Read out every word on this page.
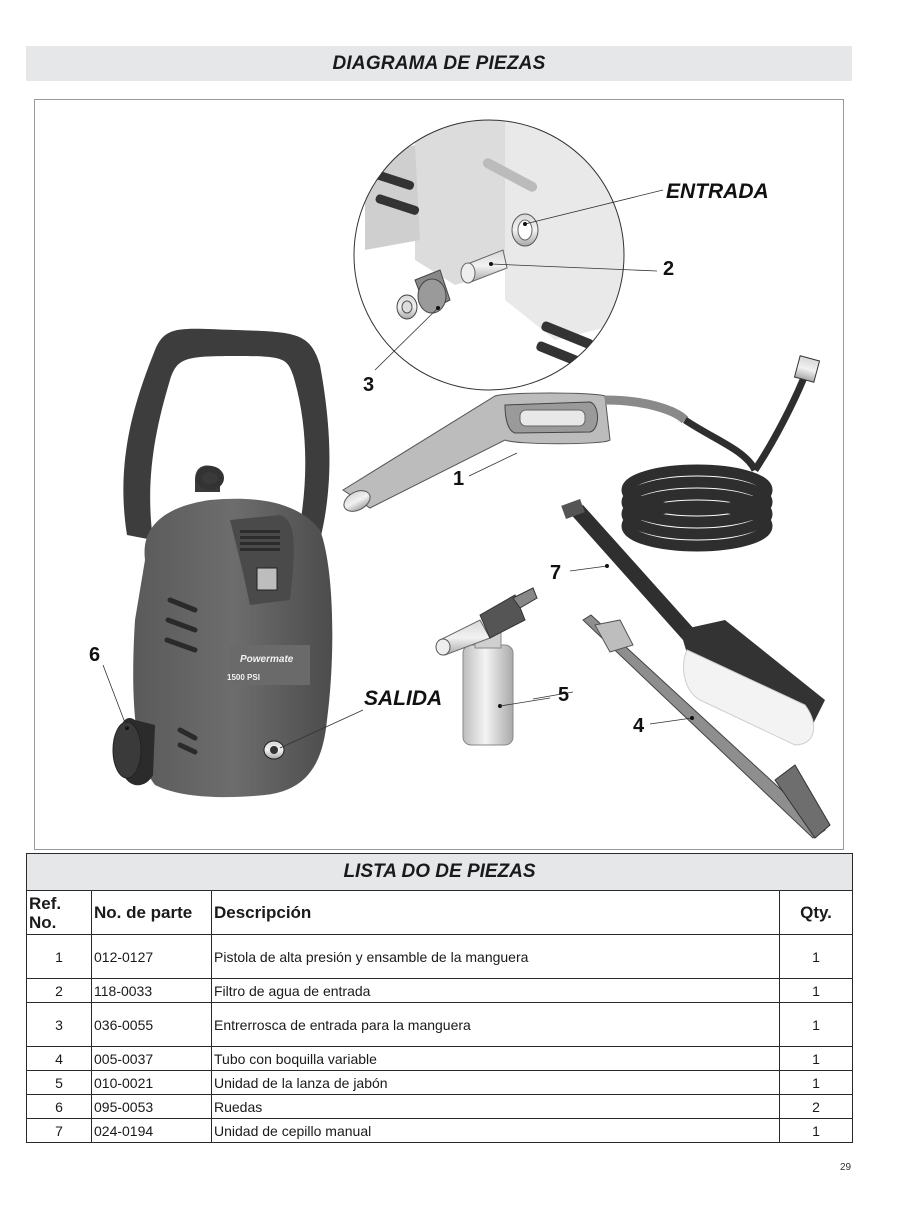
DIAGRAMA DE PIEZAS
Powermate
1500 PSI
ENTRADA
2
3
1
7
6
SALIDA	5
4
LISTA DO DE PIEZAS			
Ref.
No.	No. de parte	Descripción	Qty.
1	012-0127	Pistola de alta presión y ensamble de la manguera	1
2	118-0033	Filtro de agua de entrada	1
3	036-0055	Entrerrosca de entrada para la manguera	1
4	005-0037	Tubo con boquilla variable	1
5	010-0021	Unidad de la lanza de jabón	1
6	095-0053	Ruedas	2
7	024-0194	Unidad de cepillo manual	1
29
